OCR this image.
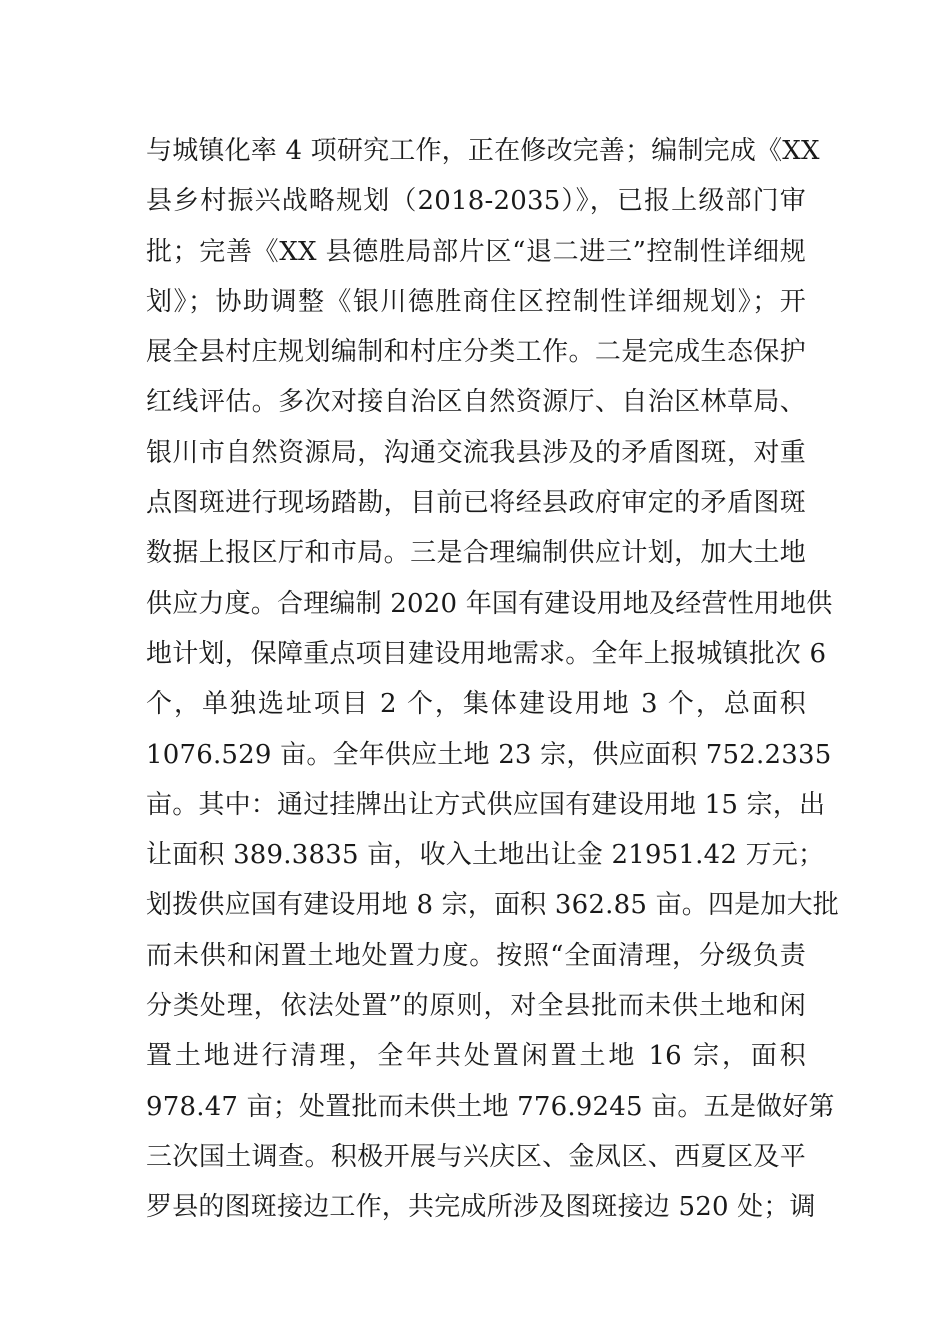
与城镇化率 4 项研究工作，正在修改完善；编制完成《XX
县乡村振兴战略规划（2018-2035）》，已报上级部门审
批；完善《XX 县德胜局部片区“退二进三”控制性详细规
划》；协助调整《银川德胜商住区控制性详细规划》；开
展全县村庄规划编制和村庄分类工作。二是完成生态保护
红线评估。多次对接自治区自然资源厅、自治区林草局、
银川市自然资源局，沟通交流我县涉及的矛盾图斑，对重
点图斑进行现场踏勘，目前已将经县政府审定的矛盾图斑
数据上报区厅和市局。三是合理编制供应计划，加大土地
供应力度。合理编制 2020 年国有建设用地及经营性用地供
地计划，保障重点项目建设用地需求。全年上报城镇批次 6
个，单独选址项目 2 个，集体建设用地 3 个，总面积
1076.529 亩。全年供应土地 23 宗，供应面积 752.2335
亩。其中：通过挂牌出让方式供应国有建设用地 15 宗，出
让面积 389.3835 亩，收入土地出让金 21951.42 万元；
划拨供应国有建设用地 8 宗，面积 362.85 亩。四是加大批
而未供和闲置土地处置力度。按照“全面清理，分级负责
分类处理，依法处置”的原则，对全县批而未供土地和闲
置土地进行清理，全年共处置闲置土地 16 宗，面积
978.47 亩；处置批而未供土地 776.9245 亩。五是做好第
三次国土调查。积极开展与兴庆区、金凤区、西夏区及平
罗县的图斑接边工作，共完成所涉及图斑接边 520 处；调
